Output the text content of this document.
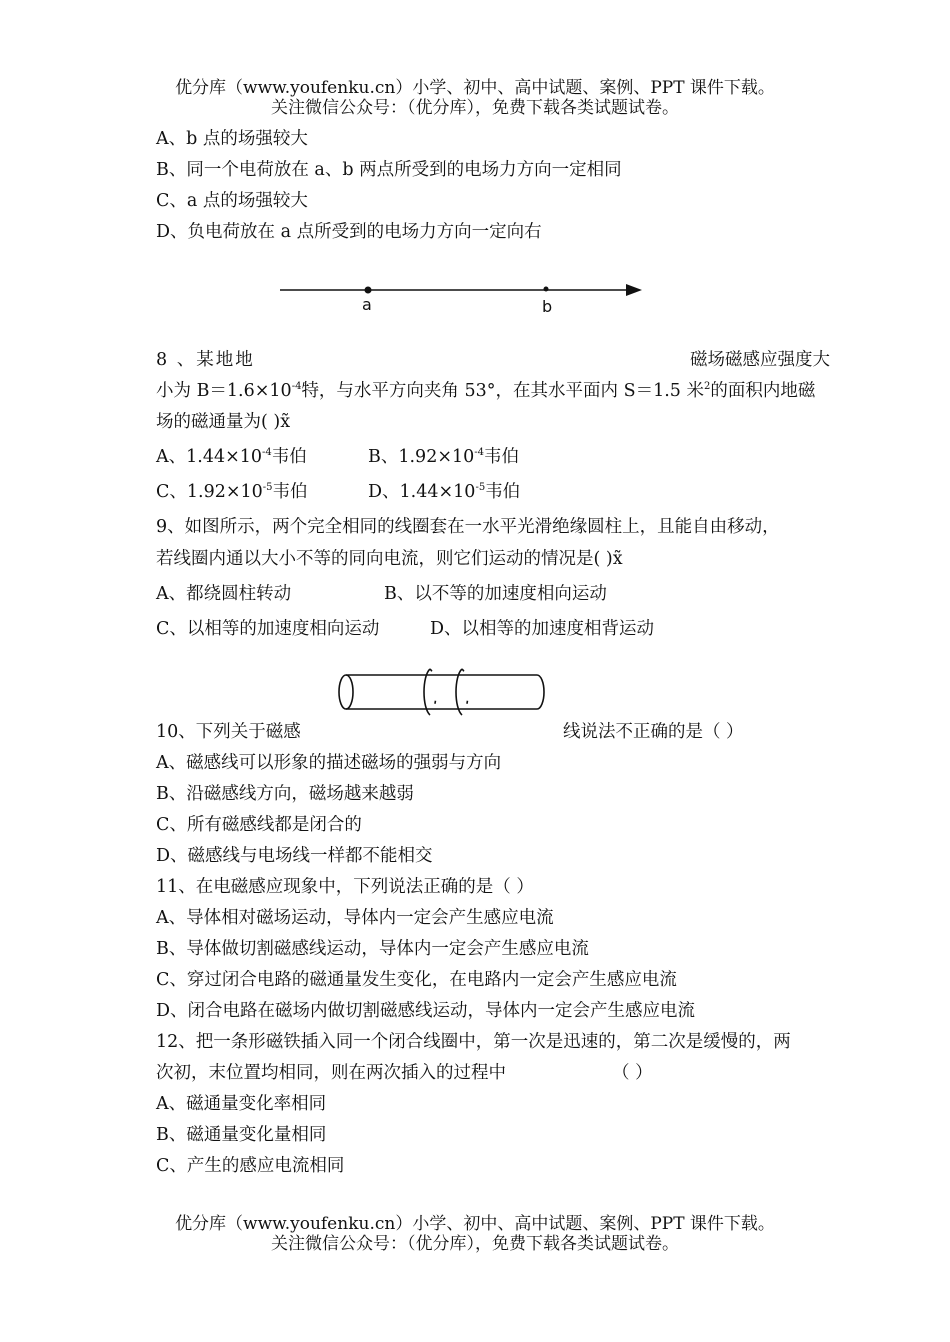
优分库（www.youfenku.cn）小学、初中、高中试题、案例、PPT 课件下载。
关注微信公众号：（优分库），免费下载各类试题试卷。
A、b 点的场强较大
B、同一个电荷放在 a、b 两点所受到的电场力方向一定相同
C、a 点的场强较大
D、负电荷放在 a 点所受到的电场力方向一定向右
a	b
8 、某地地	磁场磁感应强度大
小为 $B=1.6\times 10^{-4}$特，与水平方向夹角 53°，在其水平面内 S＝1.5 米$^2$的面积内地磁
场的磁通量为( )x̃
A、$1.44\times 10^{-4}$韦伯	B、$1.92\times 10^{-4}$韦伯
C、$1.92\times 10^{-5}$韦伯	D、$1.44\times 10^{-5}$韦伯
9、如图所示，两个完全相同的线圈套在一水平光滑绝缘圆柱上，且能自由移动，
若线圈内通以大小不等的同向电流，则它们运动的情况是( )x̃
A、都绕圆柱转动	B、以不等的加速度相向运动
C、以相等的加速度相向运动	D、以相等的加速度相背运动
10、下列关于磁感	线说法不正确的是（ ）
A、磁感线可以形象的描述磁场的强弱与方向
B、沿磁感线方向，磁场越来越弱
C、所有磁感线都是闭合的
D、磁感线与电场线一样都不能相交
11、在电磁感应现象中，下列说法正确的是（ ）
A、导体相对磁场运动，导体内一定会产生感应电流
B、导体做切割磁感线运动，导体内一定会产生感应电流
C、穿过闭合电路的磁通量发生变化，在电路内一定会产生感应电流
D、闭合电路在磁场内做切割磁感线运动，导体内一定会产生感应电流
12、把一条形磁铁插入同一个闭合线圈中，第一次是迅速的，第二次是缓慢的，两
次初，末位置均相同，则在两次插入的过程中	（ ）
A、磁通量变化率相同
B、磁通量变化量相同
C、产生的感应电流相同
优分库（www.youfenku.cn）小学、初中、高中试题、案例、PPT 课件下载。
关注微信公众号：（优分库），免费下载各类试题试卷。
